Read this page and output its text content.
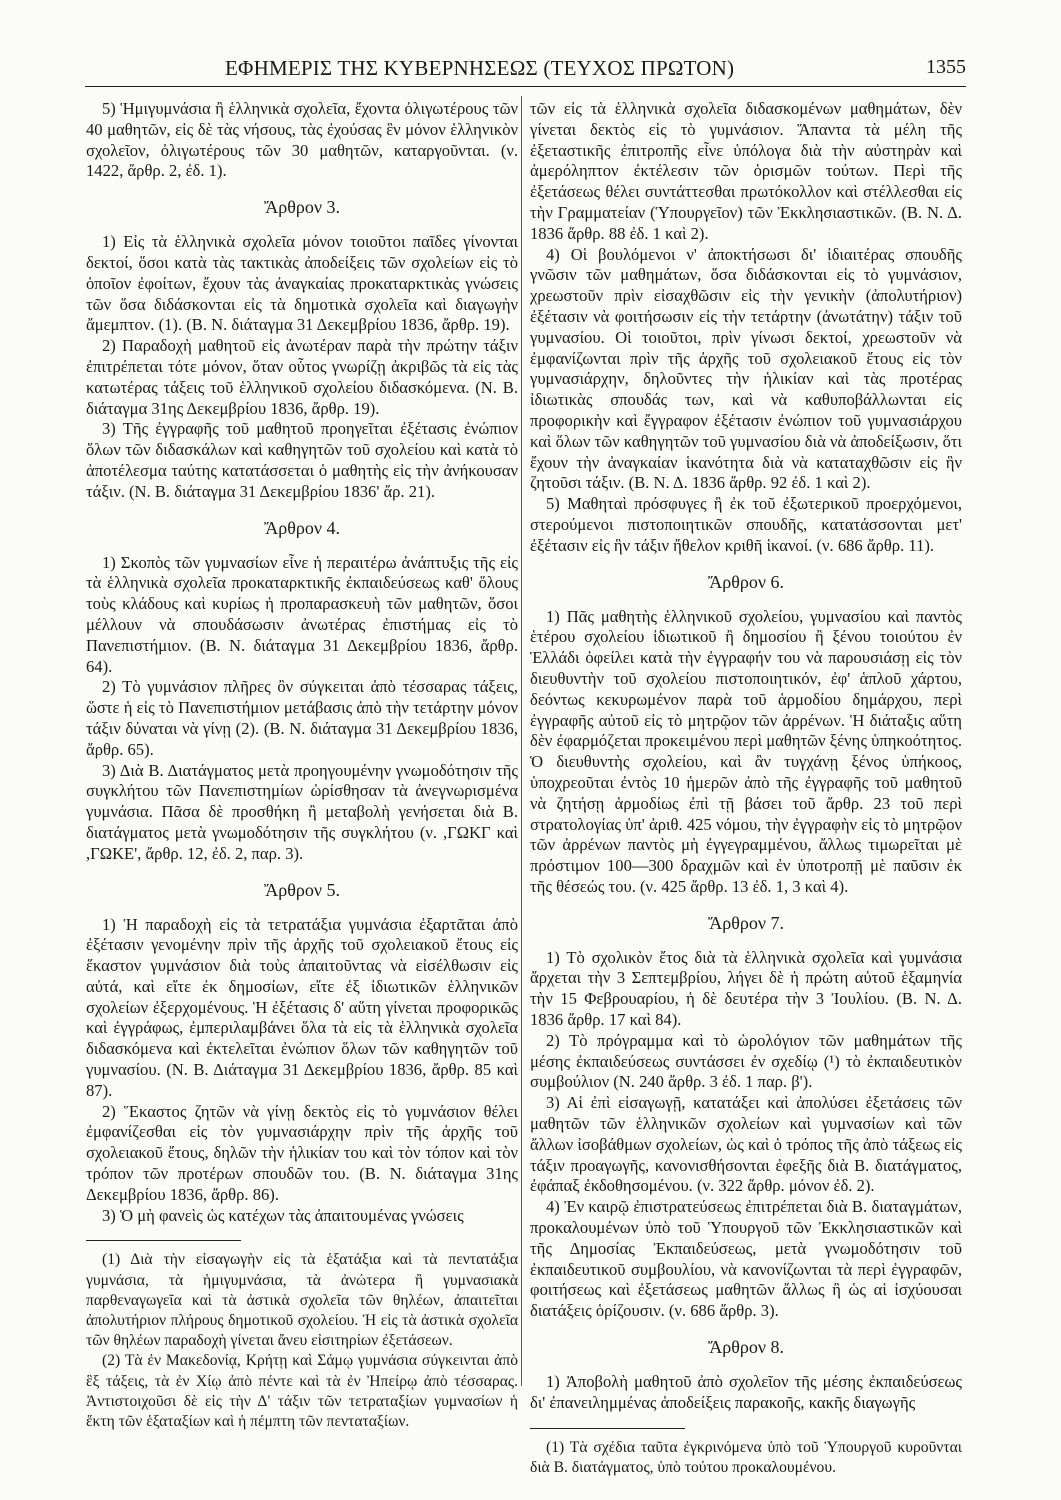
ΕΦΗΜΕΡΙΣ ΤΗΣ ΚΥΒΕΡΝΗΣΕΩΣ (ΤΕΥΧΟΣ ΠΡΩΤΟΝ)	1355

5) Ἡμιγυμνάσια ἢ ἑλληνικὰ σχολεῖα, ἔχοντα ὀλιγωτέρους τῶν 40 μαθητῶν, εἰς δὲ τὰς νήσους, τὰς ἐχούσας ἓν μόνον ἑλληνικὸν σχολεῖον, ὀλιγωτέρους τῶν 30 μαθητῶν, καταργοῦνται. (ν. 1422, ἄρθρ. 2, ἐδ. 1).

Ἄρθρον 3.

1) Εἰς τὰ ἑλληνικὰ σχολεῖα μόνον τοιοῦτοι παῖδες γίνονται δεκτοί, ὅσοι κατὰ τὰς τακτικὰς ἀποδείξεις τῶν σχολείων εἰς τὸ ὁποῖον ἐφοίτων, ἔχουν τὰς ἀναγκαίας προκαταρκτικὰς γνώσεις τῶν ὅσα διδάσκονται εἰς τὰ δημοτικὰ σχολεῖα καὶ διαγωγὴν ἄμεμπτον. (1). (Β. Ν. διάταγμα 31 Δεκεμβρίου 1836, ἄρθρ. 19).

2) Παραδοχὴ μαθητοῦ εἰς ἀνωτέραν παρὰ τὴν πρώτην τάξιν ἐπιτρέπεται τότε μόνον, ὅταν οὗτος γνωρίζῃ ἀκριβῶς τὰ εἰς τὰς κατωτέρας τάξεις τοῦ ἑλληνικοῦ σχολείου διδασκόμενα. (Ν. Β. διάταγμα 31ης Δεκεμβρίου 1836, ἄρθρ. 19).

3) Τῆς ἐγγραφῆς τοῦ μαθητοῦ προηγεῖται ἐξέτασις ἐνώπιον ὅλων τῶν διδασκάλων καὶ καθηγητῶν τοῦ σχολείου καὶ κατὰ τὸ ἀποτέλεσμα ταύτης κατατάσσεται ὁ μαθητὴς εἰς τὴν ἀνήκουσαν τάξιν. (Ν. Β. διάταγμα 31 Δεκεμβρίου 1836' ἄρ. 21).

Ἄρθρον 4.

1) Σκοπὸς τῶν γυμνασίων εἶνε ἡ περαιτέρω ἀνάπτυξις τῆς εἰς τὰ ἑλληνικὰ σχολεῖα προκαταρκτικῆς ἐκπαιδεύσεως καθ' ὅλους τοὺς κλάδους καὶ κυρίως ἡ προπαρασκευὴ τῶν μαθητῶν, ὅσοι μέλλουν νὰ σπουδάσωσιν ἀνωτέρας ἐπιστήμας εἰς τὸ Πανεπιστήμιον. (Β. Ν. διάταγμα 31 Δεκεμβρίου 1836, ἄρθρ. 64).

2) Τὸ γυμνάσιον πλῆρες ὂν σύγκειται ἀπὸ τέσσαρας τάξεις, ὥστε ἡ εἰς τὸ Πανεπιστήμιον μετάβασις ἀπὸ τὴν τετάρτην μόνον τάξιν δύναται νὰ γίνῃ (2). (Β. Ν. διάταγμα 31 Δεκεμβρίου 1836, ἄρθρ. 65).

3) Διὰ Β. Διατάγματος μετὰ προηγουμένην γνωμοδότησιν τῆς συγκλήτου τῶν Πανεπιστημίων ὡρίσθησαν τὰ ἀνεγνωρισμένα γυμνάσια. Πᾶσα δὲ προσθήκη ἢ μεταβολὴ γενήσεται διὰ Β. διατάγματος μετὰ γνωμοδότησιν τῆς συγκλήτου (ν. ,ΓΩΚΓ καὶ ,ΓΩΚΕ', ἄρθρ. 12, ἐδ. 2, παρ. 3).

Ἄρθρον 5.

1) Ἡ παραδοχὴ εἰς τὰ τετρατάξια γυμνάσια ἐξαρτᾶται ἀπὸ ἐξέτασιν γενομένην πρὶν τῆς ἀρχῆς τοῦ σχολειακοῦ ἔτους εἰς ἕκαστον γυμνάσιον διὰ τοὺς ἀπαιτοῦντας νὰ εἰσέλθωσιν εἰς αὐτά, καὶ εἴτε ἐκ δημοσίων, εἴτε ἐξ ἰδιωτικῶν ἑλληνικῶν σχολείων ἐξερχομένους. Ἡ ἐξέτασις δ' αὕτη γίνεται προφορικῶς καὶ ἐγγράφως, ἐμπεριλαμβάνει ὅλα τὰ εἰς τὰ ἑλληνικὰ σχολεῖα διδασκόμενα καὶ ἐκτελεῖται ἐνώπιον ὅλων τῶν καθηγητῶν τοῦ γυμνασίου. (Ν. Β. Διάταγμα 31 Δεκεμβρίου 1836, ἄρθρ. 85 καὶ 87).

2) Ἕκαστος ζητῶν νὰ γίνῃ δεκτὸς εἰς τὸ γυμνάσιον θέλει ἐμφανίζεσθαι εἰς τὸν γυμνασιάρχην πρὶν τῆς ἀρχῆς τοῦ σχολειακοῦ ἔτους, δηλῶν τὴν ἡλικίαν του καὶ τὸν τόπον καὶ τὸν τρόπον τῶν προτέρων σπουδῶν του. (Β. Ν. διάταγμα 31ης Δεκεμβρίου 1836, ἄρθρ. 86).

3) Ὁ μὴ φανεὶς ὡς κατέχων τὰς ἀπαιτουμένας γνώσεις

(1) Διὰ τὴν εἰσαγωγὴν εἰς τὰ ἑξατάξια καὶ τὰ πεντατάξια γυμνάσια, τὰ ἡμιγυμνάσια, τὰ ἀνώτερα ἢ γυμνασιακὰ παρθεναγωγεῖα καὶ τὰ ἀστικὰ σχολεῖα τῶν θηλέων, ἀπαιτεῖται ἀπολυτήριον πλήρους δημοτικοῦ σχολείου. Ἡ εἰς τὰ ἀστικὰ σχολεῖα τῶν θηλέων παραδοχὴ γίνεται ἄνευ εἰσιτηρίων ἐξετάσεων.

(2) Τὰ ἐν Μακεδονίᾳ, Κρήτῃ καὶ Σάμῳ γυμνάσια σύγκεινται ἀπὸ ἓξ τάξεις, τὰ ἐν Χίῳ ἀπὸ πέντε καὶ τὰ ἐν Ἠπείρῳ ἀπὸ τέσσαρας. Ἀντιστοιχοῦσι δὲ εἰς τὴν Δ' τάξιν τῶν τετραταξίων γυμνασίων ἡ ἕκτη τῶν ἑξαταξίων καὶ ἡ πέμπτη τῶν πενταταξίων.

τῶν εἰς τὰ ἑλληνικὰ σχολεῖα διδασκομένων μαθημάτων, δὲν γίνεται δεκτὸς εἰς τὸ γυμνάσιον. Ἅπαντα τὰ μέλη τῆς ἐξεταστικῆς ἐπιτροπῆς εἶνε ὑπόλογα διὰ τὴν αὐστηρὰν καὶ ἀμερόληπτον ἐκτέλεσιν τῶν ὁρισμῶν τούτων. Περὶ τῆς ἐξετάσεως θέλει συντάττεσθαι πρωτόκολλον καὶ στέλλεσθαι εἰς τὴν Γραμματείαν (Ὑπουργεῖον) τῶν Ἐκκλησιαστικῶν. (Β. Ν. Δ. 1836 ἄρθρ. 88 ἐδ. 1 καὶ 2).

4) Οἱ βουλόμενοι ν' ἀποκτήσωσι δι' ἰδιαιτέρας σπουδῆς γνῶσιν τῶν μαθημάτων, ὅσα διδάσκονται εἰς τὸ γυμνάσιον, χρεωστοῦν πρὶν εἰσαχθῶσιν εἰς τὴν γενικὴν (ἀπολυτήριον) ἐξέτασιν νὰ φοιτήσωσιν εἰς τὴν τετάρτην (ἀνωτάτην) τάξιν τοῦ γυμνασίου. Οἱ τοιοῦτοι, πρὶν γίνωσι δεκτοί, χρεωστοῦν νὰ ἐμφανίζωνται πρὶν τῆς ἀρχῆς τοῦ σχολειακοῦ ἔτους εἰς τὸν γυμνασιάρχην, δηλοῦντες τὴν ἡλικίαν καὶ τὰς προτέρας ἰδιωτικὰς σπουδάς των, καὶ νὰ καθυποβάλλωνται εἰς προφορικὴν καὶ ἔγγραφον ἐξέτασιν ἐνώπιον τοῦ γυμνασιάρχου καὶ ὅλων τῶν καθηγητῶν τοῦ γυμνασίου διὰ νὰ ἀποδείξωσιν, ὅτι ἔχουν τὴν ἀναγκαίαν ἱκανότητα διὰ νὰ καταταχθῶσιν εἰς ἣν ζητοῦσι τάξιν. (Β. Ν. Δ. 1836 ἄρθρ. 92 ἐδ. 1 καὶ 2).

5) Μαθηταὶ πρόσφυγες ἢ ἐκ τοῦ ἐξωτερικοῦ προερχόμενοι, στερούμενοι πιστοποιητικῶν σπουδῆς, κατατάσσονται μετ' ἐξέτασιν εἰς ἣν τάξιν ἤθελον κριθῆ ἱκανοί. (ν. 686 ἄρθρ. 11).

Ἄρθρον 6.

1) Πᾶς μαθητὴς ἑλληνικοῦ σχολείου, γυμνασίου καὶ παντὸς ἑτέρου σχολείου ἰδιωτικοῦ ἢ δημοσίου ἢ ξένου τοιούτου ἐν Ἑλλάδι ὀφείλει κατὰ τὴν ἐγγραφήν του νὰ παρουσιάσῃ εἰς τὸν διευθυντὴν τοῦ σχολείου πιστοποιητικόν, ἐφ' ἁπλοῦ χάρτου, δεόντως κεκυρωμένον παρὰ τοῦ ἁρμοδίου δημάρχου, περὶ ἐγγραφῆς αὐτοῦ εἰς τὸ μητρῷον τῶν ἀρρένων. Ἡ διάταξις αὕτη δὲν ἐφαρμόζεται προκειμένου περὶ μαθητῶν ξένης ὑπηκοότητος. Ὁ διευθυντὴς σχολείου, καὶ ἂν τυγχάνῃ ξένος ὑπήκοος, ὑποχρεοῦται ἐντὸς 10 ἡμερῶν ἀπὸ τῆς ἐγγραφῆς τοῦ μαθητοῦ νὰ ζητήσῃ ἁρμοδίως ἐπὶ τῇ βάσει τοῦ ἄρθρ. 23 τοῦ περὶ στρατολογίας ὑπ' ἀριθ. 425 νόμου, τὴν ἐγγραφὴν εἰς τὸ μητρῷον τῶν ἀρρένων παντὸς μὴ ἐγγεγραμμένου, ἄλλως τιμωρεῖται μὲ πρόστιμον 100—300 δραχμῶν καὶ ἐν ὑποτροπῇ μὲ παῦσιν ἐκ τῆς θέσεώς του. (ν. 425 ἄρθρ. 13 ἐδ. 1, 3 καὶ 4).

Ἄρθρον 7.

1) Τὸ σχολικὸν ἔτος διὰ τὰ ἑλληνικὰ σχολεῖα καὶ γυμνάσια ἄρχεται τὴν 3 Σεπτεμβρίου, λήγει δὲ ἡ πρώτη αὐτοῦ ἑξαμηνία τὴν 15 Φεβρουαρίου, ἡ δὲ δευτέρα τὴν 3 Ἰουλίου. (Β. Ν. Δ. 1836 ἄρθρ. 17 καὶ 84).

2) Τὸ πρόγραμμα καὶ τὸ ὡρολόγιον τῶν μαθημάτων τῆς μέσης ἐκπαιδεύσεως συντάσσει ἐν σχεδίῳ (¹) τὸ ἐκπαιδευτικὸν συμβούλιον (Ν. 240 ἄρθρ. 3 ἐδ. 1 παρ. β').

3) Αἱ ἐπὶ εἰσαγωγῇ, κατατάξει καὶ ἀπολύσει ἐξετάσεις τῶν μαθητῶν τῶν ἑλληνικῶν σχολείων καὶ γυμνασίων καὶ τῶν ἄλλων ἰσοβάθμων σχολείων, ὡς καὶ ὁ τρόπος τῆς ἀπὸ τάξεως εἰς τάξιν προαγωγῆς, κανονισθήσονται ἐφεξῆς διὰ Β. διατάγματος, ἐφάπαξ ἐκδοθησομένου. (ν. 322 ἄρθρ. μόνον ἐδ. 2).

4) Ἐν καιρῷ ἐπιστρατεύσεως ἐπιτρέπεται διὰ Β. διαταγμάτων, προκαλουμένων ὑπὸ τοῦ Ὑπουργοῦ τῶν Ἐκκλησιαστικῶν καὶ τῆς Δημοσίας Ἐκπαιδεύσεως, μετὰ γνωμοδότησιν τοῦ ἐκπαιδευτικοῦ συμβουλίου, νὰ κανονίζωνται τὰ περὶ ἐγγραφῶν, φοιτήσεως καὶ ἐξετάσεως μαθητῶν ἄλλως ἢ ὡς αἱ ἰσχύουσαι διατάξεις ὁρίζουσιν. (ν. 686 ἄρθρ. 3).

Ἄρθρον 8.

1) Ἀποβολὴ μαθητοῦ ἀπὸ σχολεῖον τῆς μέσης ἐκπαιδεύσεως δι' ἐπανειλημμένας ἀποδείξεις παρακοῆς, κακῆς διαγωγῆς

(1) Τὰ σχέδια ταῦτα ἐγκρινόμενα ὑπὸ τοῦ Ὑπουργοῦ κυροῦνται διὰ Β. διατάγματος, ὑπὸ τούτου προκαλουμένου.
